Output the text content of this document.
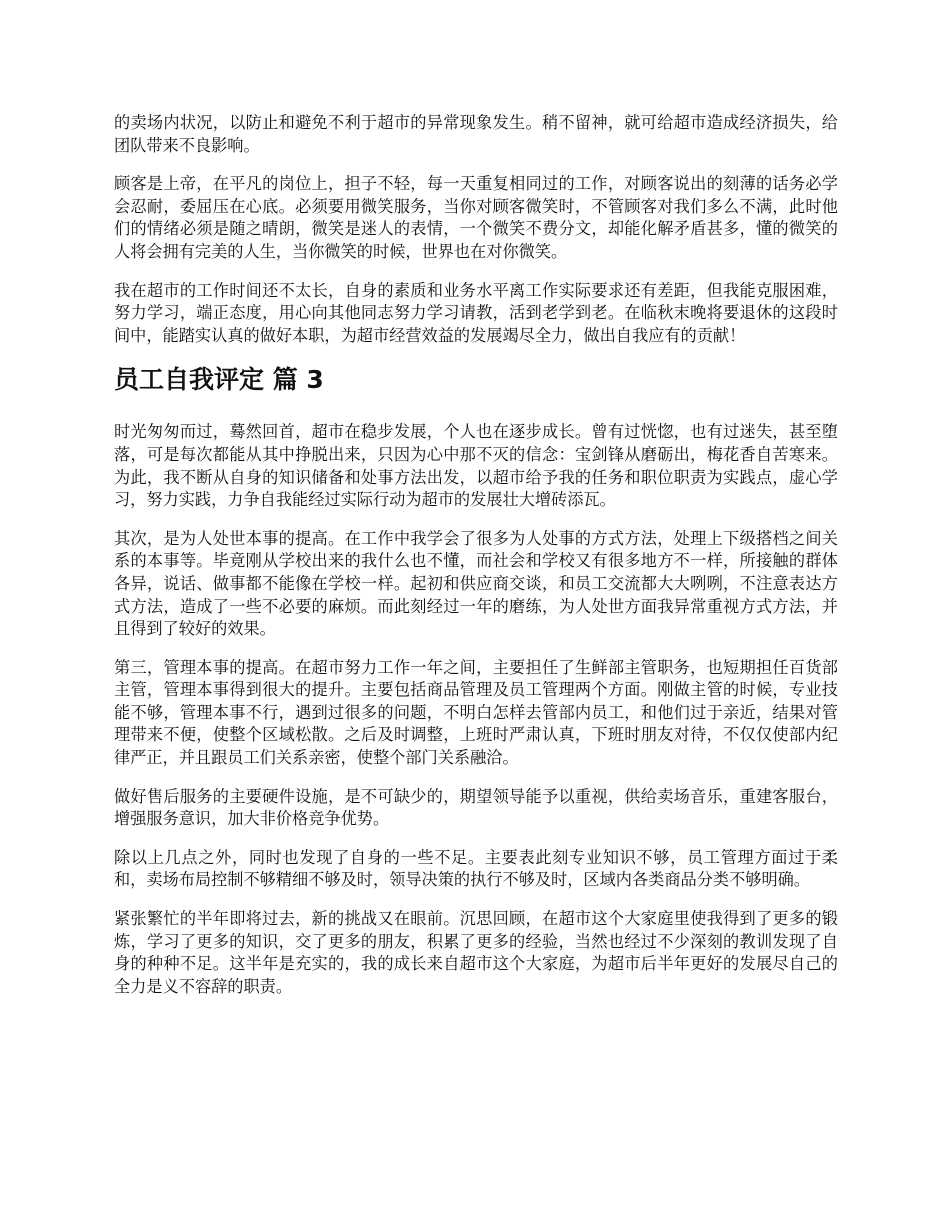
的卖场内状况，以防止和避免不利于超市的异常现象发生。稍不留神，就可给超市造成经济损失，给团队带来不良影响。

顾客是上帝，在平凡的岗位上，担子不轻，每一天重复相同过的工作，对顾客说出的刻薄的话务必学会忍耐，委屈压在心底。必须要用微笑服务，当你对顾客微笑时，不管顾客对我们多么不满，此时他们的情绪必须是随之晴朗，微笑是迷人的表情，一个微笑不费分文，却能化解矛盾甚多，懂的微笑的人将会拥有完美的人生，当你微笑的时候，世界也在对你微笑。

我在超市的工作时间还不太长，自身的素质和业务水平离工作实际要求还有差距，但我能克服困难，努力学习，端正态度，用心向其他同志努力学习请教，活到老学到老。在临秋末晚将要退休的这段时间中，能踏实认真的做好本职，为超市经营效益的发展竭尽全力，做出自我应有的贡献！

员工自我评定 篇 3

时光匆匆而过，蓦然回首，超市在稳步发展，个人也在逐步成长。曾有过恍惚，也有过迷失，甚至堕落，可是每次都能从其中挣脱出来，只因为心中那不灭的信念：宝剑锋从磨砺出，梅花香自苦寒来。为此，我不断从自身的知识储备和处事方法出发，以超市给予我的任务和职位职责为实践点，虚心学习，努力实践，力争自我能经过实际行动为超市的发展壮大增砖添瓦。

其次，是为人处世本事的提高。在工作中我学会了很多为人处事的方式方法，处理上下级搭档之间关系的本事等。毕竟刚从学校出来的我什么也不懂，而社会和学校又有很多地方不一样，所接触的群体各异，说话、做事都不能像在学校一样。起初和供应商交谈，和员工交流都大大咧咧，不注意表达方式方法，造成了一些不必要的麻烦。而此刻经过一年的磨练，为人处世方面我异常重视方式方法，并且得到了较好的效果。

第三，管理本事的提高。在超市努力工作一年之间，主要担任了生鲜部主管职务，也短期担任百货部主管，管理本事得到很大的提升。主要包括商品管理及员工管理两个方面。刚做主管的时候，专业技能不够，管理本事不行，遇到过很多的问题，不明白怎样去管部内员工，和他们过于亲近，结果对管理带来不便，使整个区域松散。之后及时调整，上班时严肃认真，下班时朋友对待，不仅仅使部内纪律严正，并且跟员工们关系亲密，使整个部门关系融洽。

做好售后服务的主要硬件设施，是不可缺少的，期望领导能予以重视，供给卖场音乐，重建客服台，增强服务意识，加大非价格竞争优势。

除以上几点之外，同时也发现了自身的一些不足。主要表此刻专业知识不够，员工管理方面过于柔和，卖场布局控制不够精细不够及时，领导决策的执行不够及时，区域内各类商品分类不够明确。

紧张繁忙的半年即将过去，新的挑战又在眼前。沉思回顾，在超市这个大家庭里使我得到了更多的锻炼，学习了更多的知识，交了更多的朋友，积累了更多的经验，当然也经过不少深刻的教训发现了自身的种种不足。这半年是充实的，我的成长来自超市这个大家庭，为超市后半年更好的发展尽自己的全力是义不容辞的职责。
